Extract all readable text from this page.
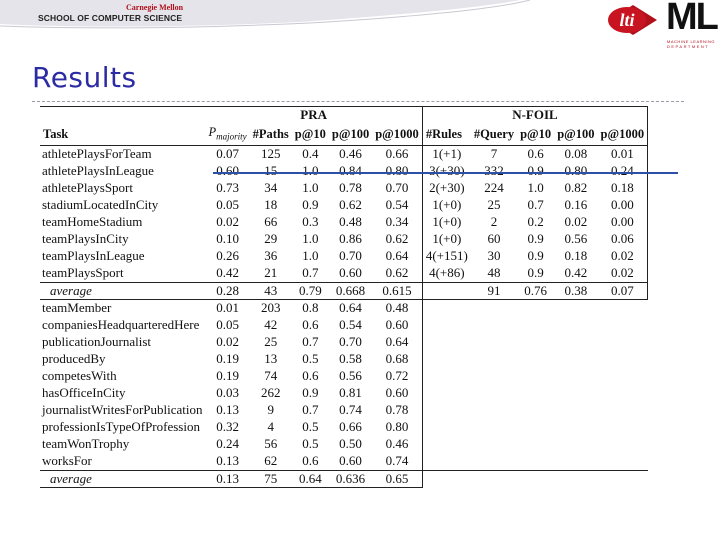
Carnegie Mellon
SCHOOL OF COMPUTER SCIENCE	lti ML
MACHINE LEARNING
DEPARTMENT
Results
	PRA					N-FOIL				
Task	$P_{majority}$	#Paths	p@10	p@100	p@1000	#Rules	#Query	p@10	p@100	p@1000
athletePlaysForTeam	0.07	125	0.4	0.46	0.66	1(+1)	7	0.6	0.08	0.01
athletePlaysInLeague	0.60	15	1.0	0.84	0.80	3(+30)	332	0.9	0.80	0.24
athletePlaysSport	0.73	34	1.0	0.78	0.70	2(+30)	224	1.0	0.82	0.18
stadiumLocatedInCity	0.05	18	0.9	0.62	0.54	1(+0)	25	0.7	0.16	0.00
teamHomeStadium	0.02	66	0.3	0.48	0.34	1(+0)	2	0.2	0.02	0.00
teamPlaysInCity	0.10	29	1.0	0.86	0.62	1(+0)	60	0.9	0.56	0.06
teamPlaysInLeague	0.26	36	1.0	0.70	0.64	4(+151)	30	0.9	0.18	0.02
teamPlaysSport	0.42	21	0.7	0.60	0.62	4(+86)	48	0.9	0.42	0.02
average	0.28	43	0.79	0.668	0.615		91	0.76	0.38	0.07
teamMember	0.01	203	0.8	0.64	0.48					
companiesHeadquarteredHere	0.05	42	0.6	0.54	0.60					
publicationJournalist	0.02	25	0.7	0.70	0.64					
producedBy	0.19	13	0.5	0.58	0.68					
competesWith	0.19	74	0.6	0.56	0.72					
hasOfficeInCity	0.03	262	0.9	0.81	0.60					
journalistWritesForPublication	0.13	9	0.7	0.74	0.78					
professionIsTypeOfProfession	0.32	4	0.5	0.66	0.80					
teamWonTrophy	0.24	56	0.5	0.50	0.46					
worksFor	0.13	62	0.6	0.60	0.74					
average	0.13	75	0.64	0.636	0.65					
